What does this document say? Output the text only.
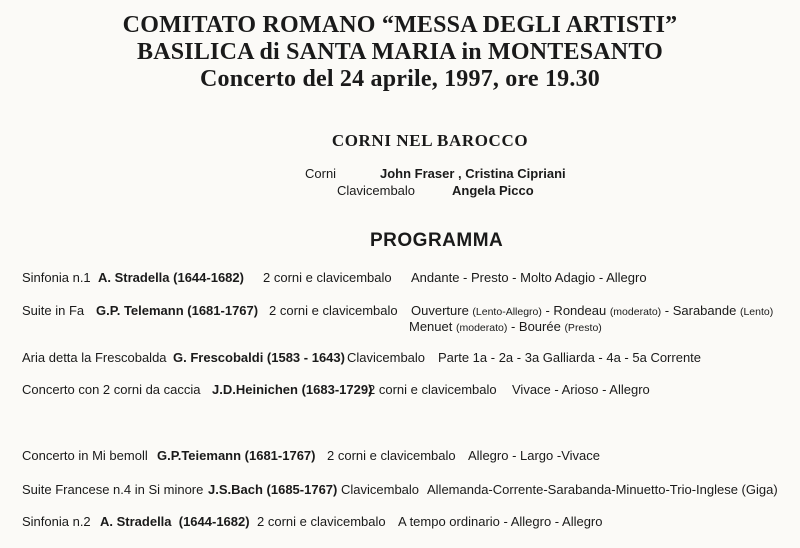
COMITATO ROMANO “MESSA DEGLI ARTISTI”
BASILICA di SANTA MARIA in MONTESANTO
Concerto del 24 aprile, 1997, ore 19.30
CORNI NEL BAROCCO
Corni	John Fraser , Cristina Cipriani
Clavicembalo	Angela Picco
PROGRAMMA
Sinfonia n.1 A. Stradella (1644-1682) 2 corni e clavicembalo Andante - Presto - Molto Adagio - Allegro
Suite in Fa G.P. Telemann (1681-1767) 2 corni e clavicembalo Ouverture (Lento-Allegro) - Rondeau (moderato) - Sarabande (Lento)
Menuet (moderato) - Bourée (Presto)
Aria detta la Frescobalda G. Frescobaldi (1583 - 1643) Clavicembalo Parte 1a - 2a - 3a Galliarda - 4a - 5a Corrente
Concerto con 2 corni da caccia J.D.Heinichen (1683-1729)
2 corni e clavicembalo Vivace - Arioso - Allegro
Concerto in Mi bemoll G.P.Teiemann (1681-1767) 2 corni e clavicembalo Allegro - Largo -Vivace
Suite Francese n.4 in Si minore J.S.Bach (1685-1767) Clavicembalo Allemanda-Corrente-Sarabanda-Minuetto-Trio-Inglese (Giga)
Sinfonia n.2 A. Stradella  (1644-1682) 2 corni e clavicembalo A tempo ordinario - Allegro - Allegro
